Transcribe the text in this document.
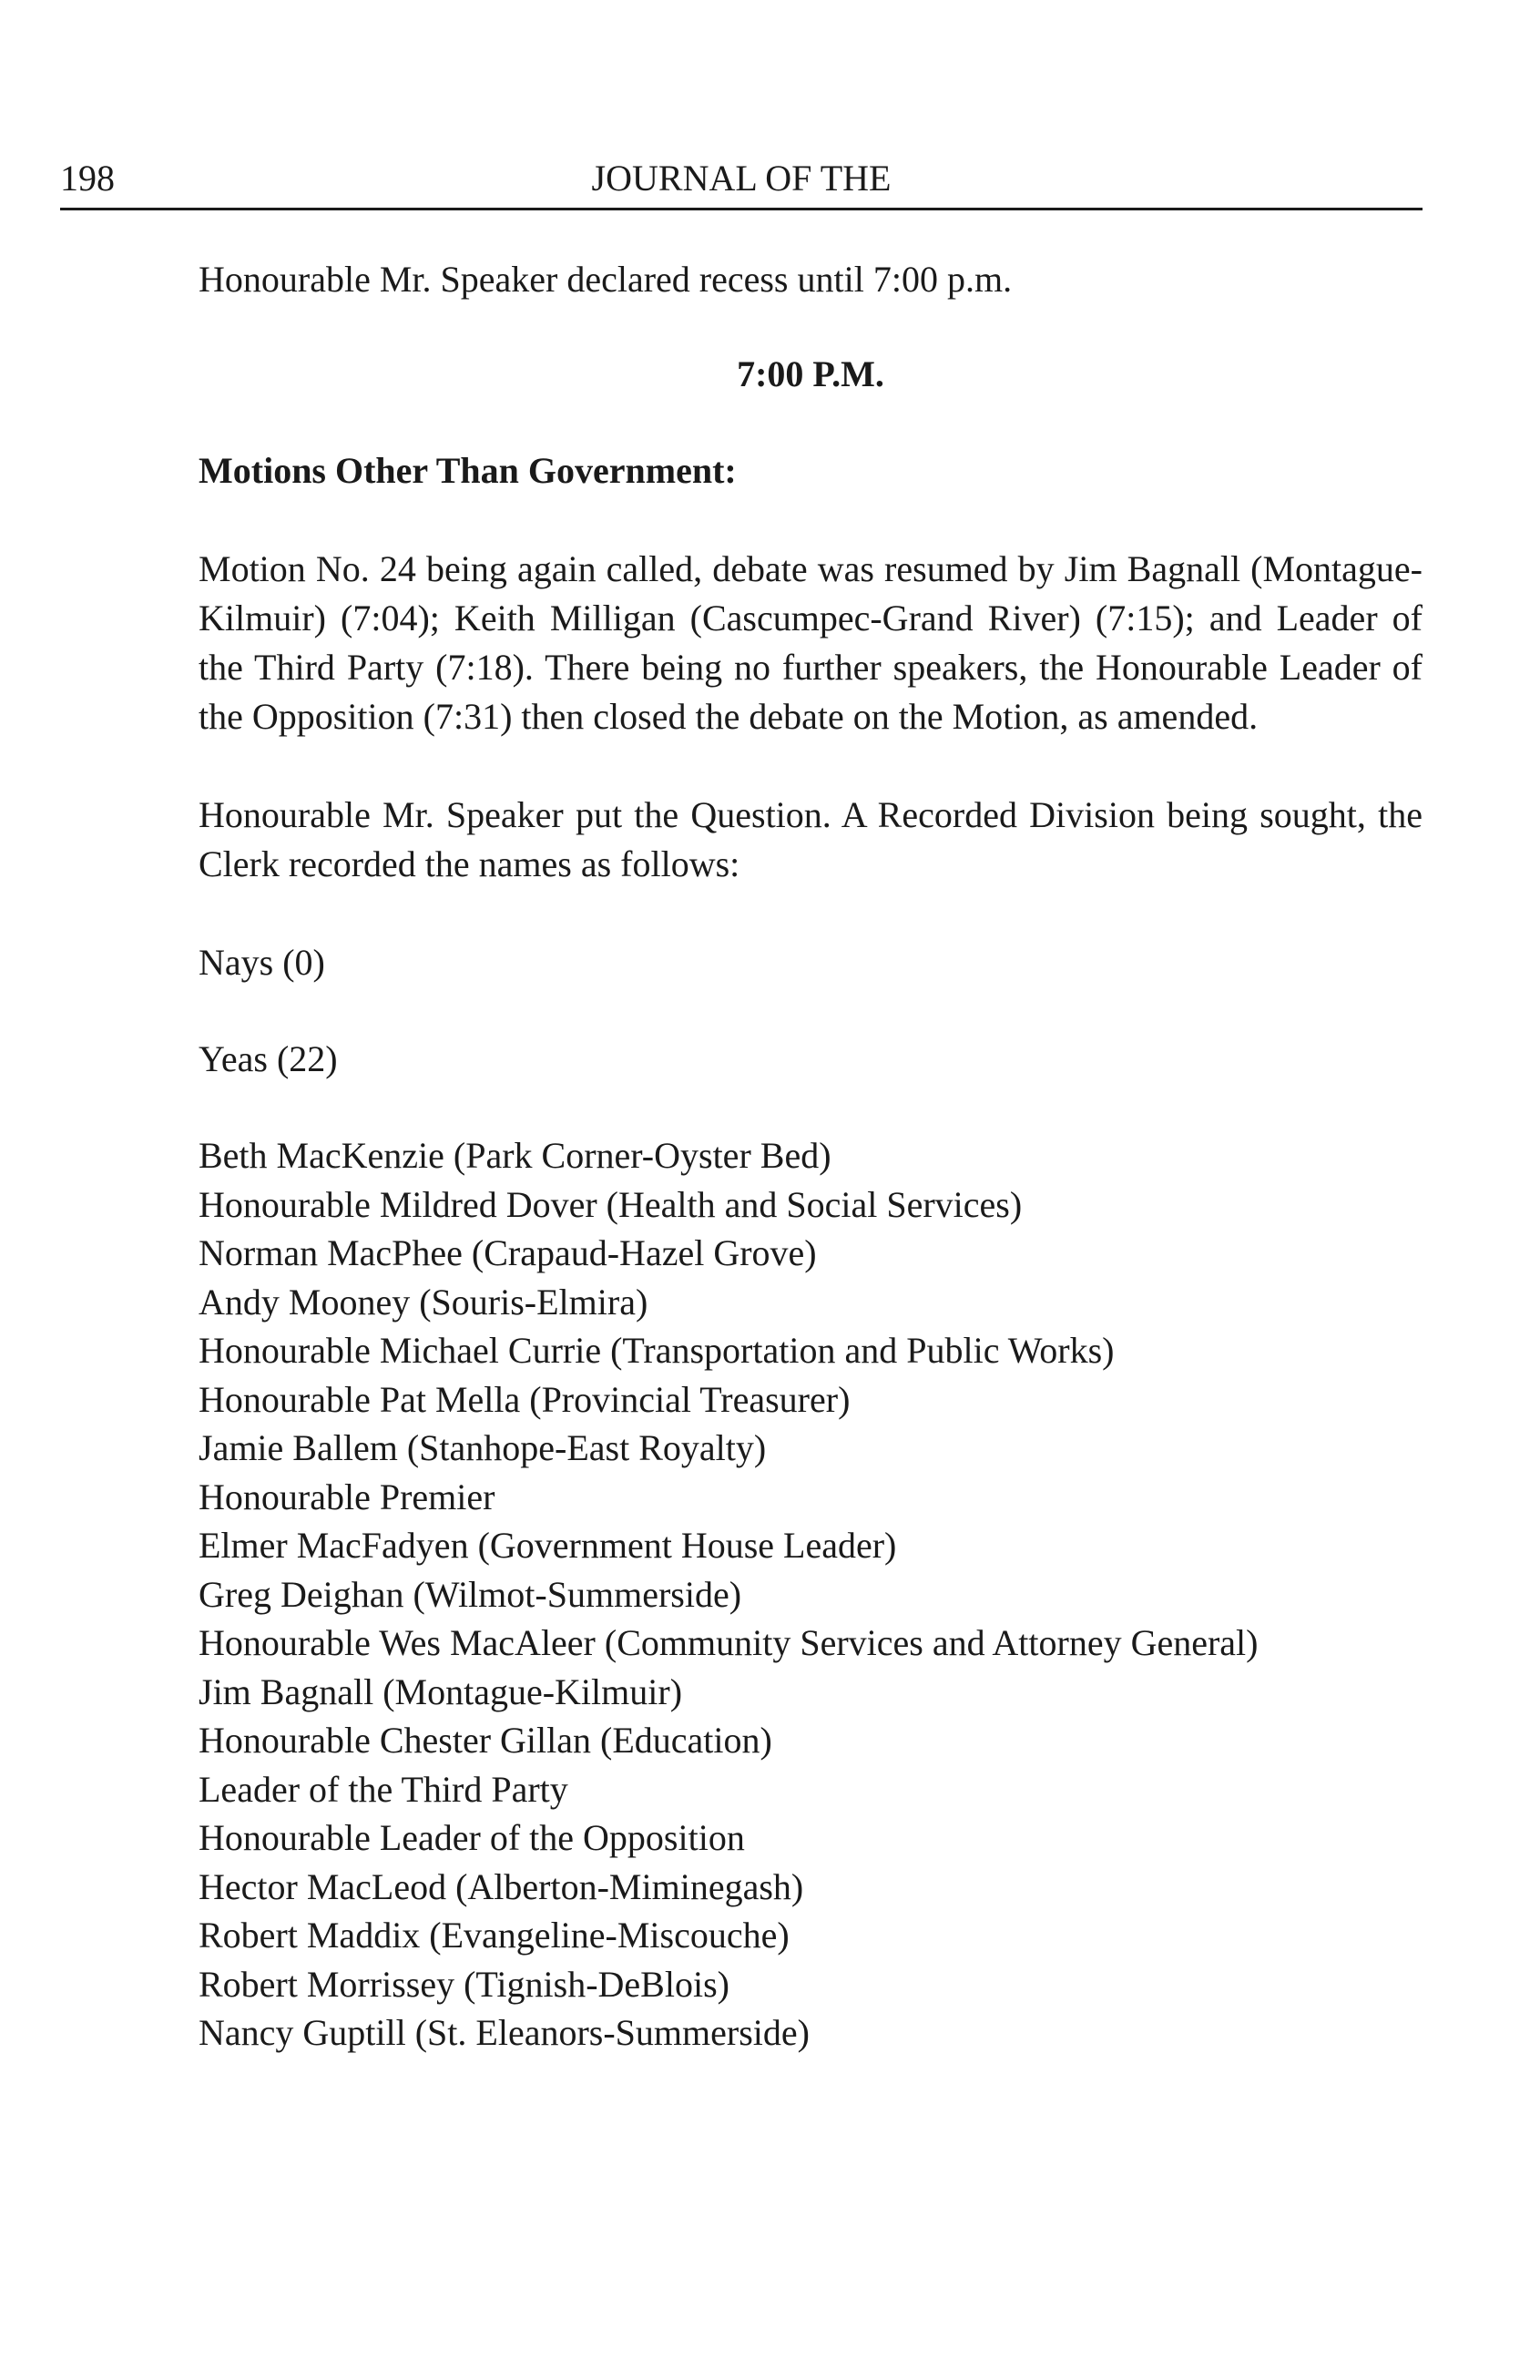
198	JOURNAL OF THE

Honourable Mr. Speaker declared recess until 7:00 p.m.

7:00 P.M.

Motions Other Than Government:

Motion No. 24 being again called, debate was resumed by Jim Bagnall (Montague-Kilmuir) (7:04); Keith Milligan (Cascumpec-Grand River) (7:15); and Leader of the Third Party (7:18). There being no further speakers, the Honourable Leader of the Opposition (7:31) then closed the debate on the Motion, as amended.

Honourable Mr. Speaker put the Question. A Recorded Division being sought, the Clerk recorded the names as follows:

Nays (0)

Yeas (22)

Beth MacKenzie (Park Corner-Oyster Bed)
Honourable Mildred Dover (Health and Social Services)
Norman MacPhee (Crapaud-Hazel Grove)
Andy Mooney (Souris-Elmira)
Honourable Michael Currie (Transportation and Public Works)
Honourable Pat Mella (Provincial Treasurer)
Jamie Ballem (Stanhope-East Royalty)
Honourable Premier
Elmer MacFadyen (Government House Leader)
Greg Deighan (Wilmot-Summerside)
Honourable Wes MacAleer (Community Services and Attorney General)
Jim Bagnall (Montague-Kilmuir)
Honourable Chester Gillan (Education)
Leader of the Third Party
Honourable Leader of the Opposition
Hector MacLeod (Alberton-Miminegash)
Robert Maddix (Evangeline-Miscouche)
Robert Morrissey (Tignish-DeBlois)
Nancy Guptill (St. Eleanors-Summerside)
